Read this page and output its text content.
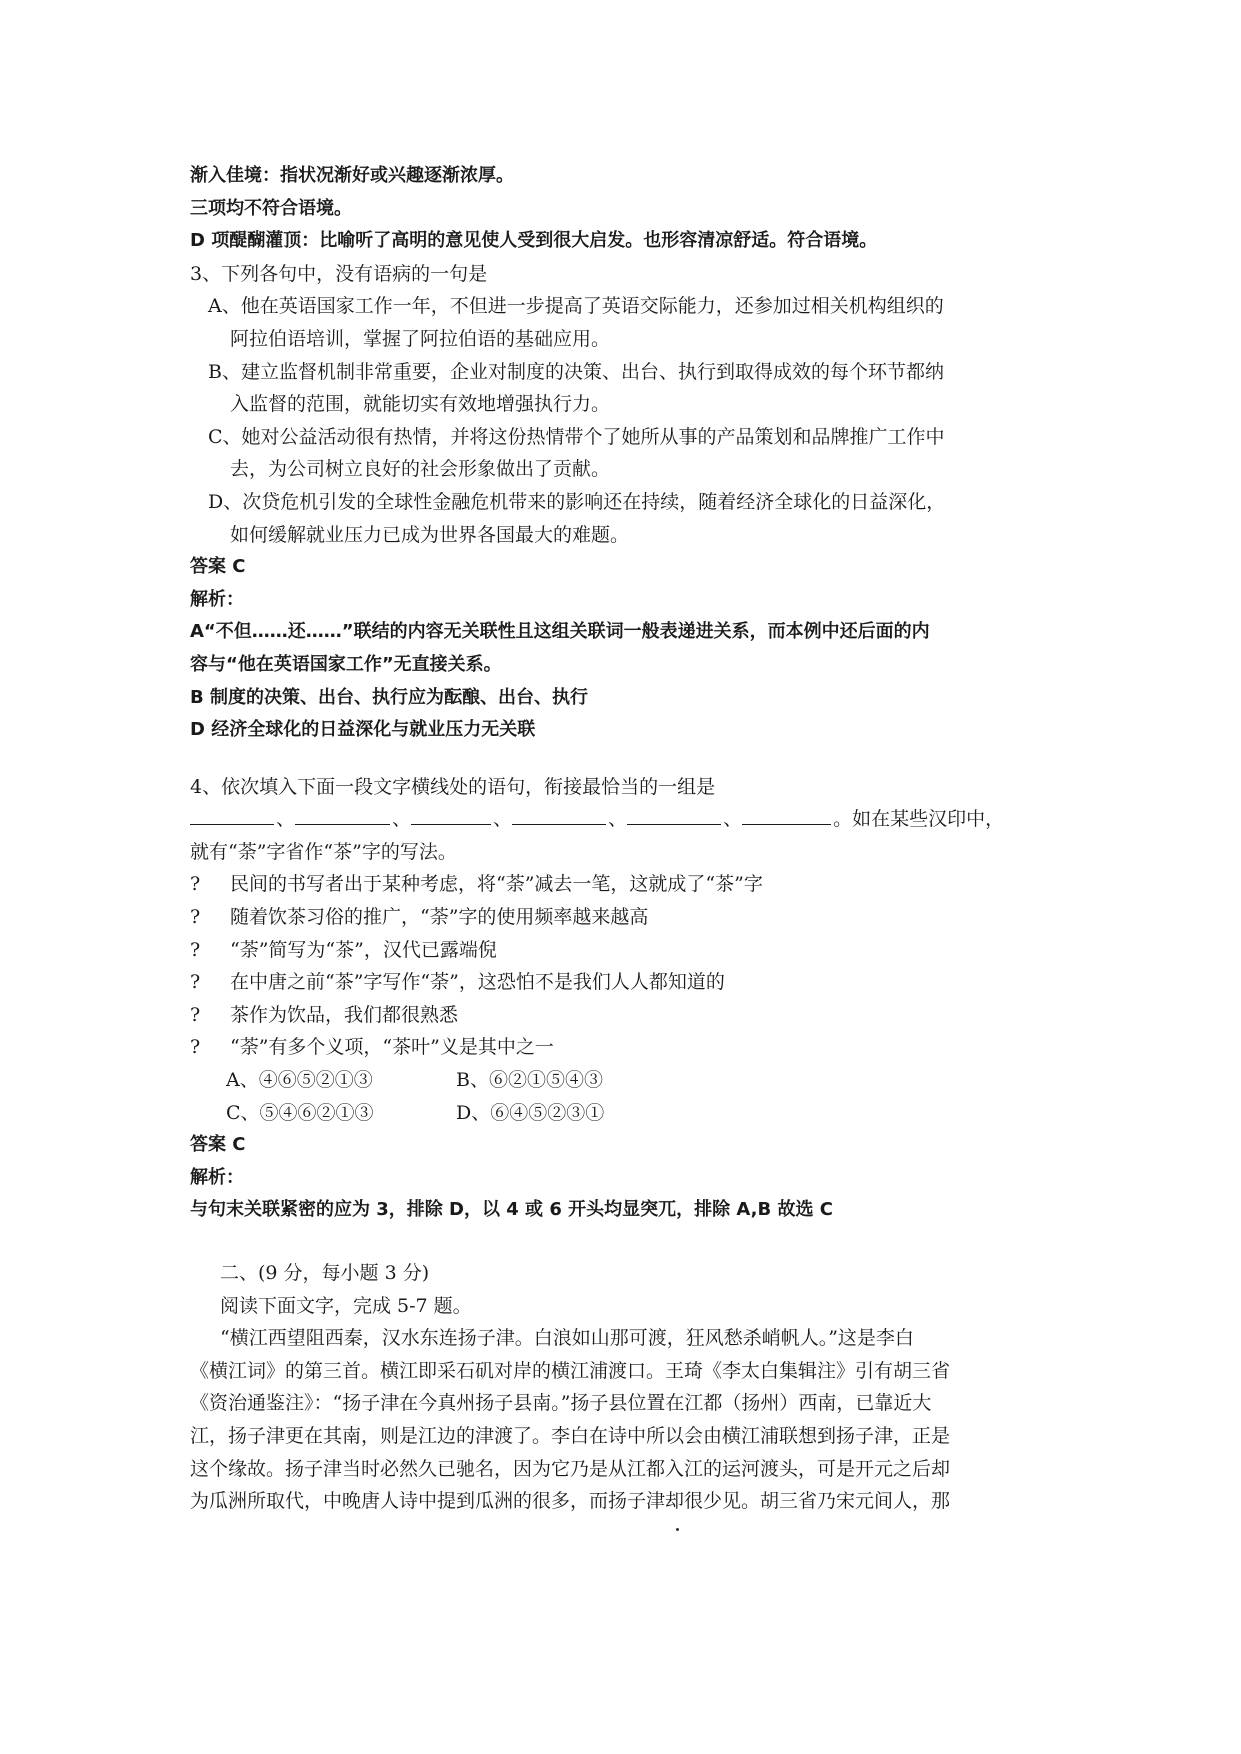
渐入佳境：指状况渐好或兴趣逐渐浓厚。
三项均不符合语境。
D 项醍醐灌顶：比喻听了高明的意见使人受到很大启发。也形容清凉舒适。符合语境。
3、下列各句中，没有语病的一句是
A、他在英语国家工作一年，不但进一步提高了英语交际能力，还参加过相关机构组织的
阿拉伯语培训，掌握了阿拉伯语的基础应用。
B、建立监督机制非常重要，企业对制度的决策、出台、执行到取得成效的每个环节都纳
入监督的范围，就能切实有效地增强执行力。
C、她对公益活动很有热情，并将这份热情带个了她所从事的产品策划和品牌推广工作中
去，为公司树立良好的社会形象做出了贡献。
D、次贷危机引发的全球性金融危机带来的影响还在持续，随着经济全球化的日益深化，
如何缓解就业压力已成为世界各国最大的难题。
答案 C
解析：
A“不但……还……”联结的内容无关联性且这组关联词一般表递进关系，而本例中还后面的内
容与“他在英语国家工作”无直接关系。
B 制度的决策、出台、执行应为酝酿、出台、执行
D 经济全球化的日益深化与就业压力无关联
4、依次填入下面一段文字横线处的语句，衔接最恰当的一组是
、	、	、	、	、	。如在某些汉印中，
就有“荼”字省作“茶”字的写法。
?	民间的书写者出于某种考虑，将“荼”减去一笔，这就成了“茶”字
?	随着饮茶习俗的推广，“荼”字的使用频率越来越高
?	“荼”简写为“茶”，汉代已露端倪
?	在中唐之前“茶”字写作“荼”，这恐怕不是我们人人都知道的
?	茶作为饮品，我们都很熟悉
?	“荼”有多个义项，“茶叶”义是其中之一
A、④⑥⑤②①③	B、⑥②①⑤④③
C、⑤④⑥②①③	D、⑥④⑤②③①
答案 C
解析：
与句末关联紧密的应为 3，排除 D，以 4 或 6 开头均显突兀，排除 A,B 故选 C
二、(9 分，每小题 3 分)
阅读下面文字，完成 5-7 题。
“横江西望阻西秦，汉水东连扬子津。白浪如山那可渡，狂风愁杀峭帆人。”这是李白
《横江词》的第三首。横江即采石矶对岸的横江浦渡口。王琦《李太白集辑注》引有胡三省
《资治通鉴注》：“扬子津在今真州扬子县南。”扬子县位置在江都（扬州）西南，已靠近大
江，扬子津更在其南，则是江边的津渡了。李白在诗中所以会由横江浦联想到扬子津，正是
这个缘故。扬子津当时必然久已驰名，因为它乃是从江都入江的运河渡头，可是开元之后却
为瓜洲所取代，中晚唐人诗中提到瓜洲的很多，而扬子津却很少见。胡三省乃宋元间人，那
